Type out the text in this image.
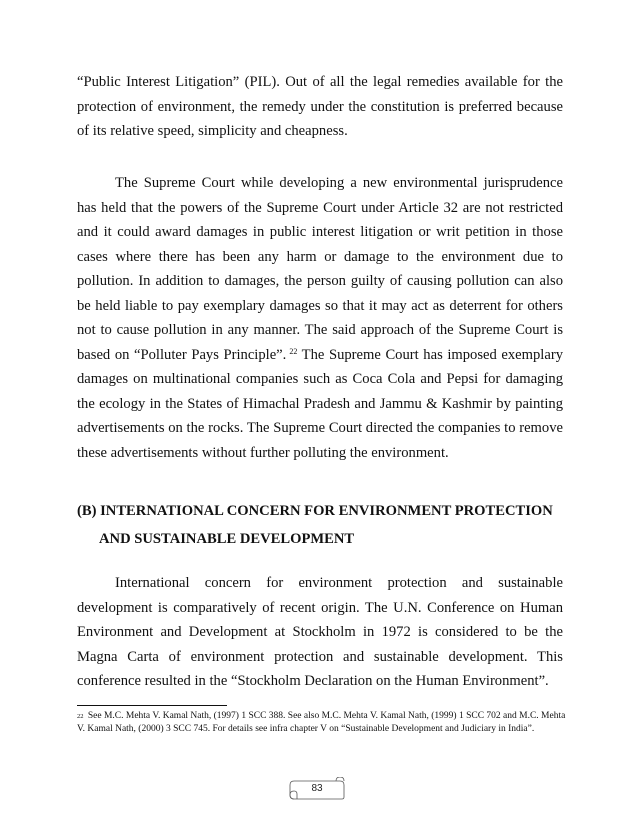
“Public Interest Litigation” (PIL). Out of all the legal remedies available for the protection of environment, the remedy under the constitution is preferred because of its relative speed, simplicity and cheapness.

The Supreme Court while developing a new environmental jurisprudence has held that the powers of the Supreme Court under Article 32 are not restricted and it could award damages in public interest litigation or writ petition in those cases where there has been any harm or damage to the environment due to pollution. In addition to damages, the person guilty of causing pollution can also be held liable to pay exemplary damages so that it may act as deterrent for others not to cause pollution in any manner. The said approach of the Supreme Court is based on “Polluter Pays Principle”. $^{22}$ The Supreme Court has imposed exemplary damages on multinational companies such as Coca Cola and Pepsi for damaging the ecology in the States of Himachal Pradesh and Jammu & Kashmir by painting advertisements on the rocks. The Supreme Court directed the companies to remove these advertisements without further polluting the environment.

(B) INTERNATIONAL CONCERN FOR ENVIRONMENT PROTECTION
AND SUSTAINABLE DEVELOPMENT

International concern for environment protection and sustainable development is comparatively of recent origin. The U.N. Conference on Human Environment and Development at Stockholm in 1972 is considered to be the Magna Carta of environment protection and sustainable development. This conference resulted in the “Stockholm Declaration on the Human Environment”.

$^{22}$ See M.C. Mehta V. Kamal Nath, (1997) 1 SCC 388. See also M.C. Mehta V. Kamal Nath, (1999) 1 SCC 702 and M.C. Mehta V. Kamal Nath, (2000) 3 SCC 745. For details see infra chapter V on “Sustainable Development and Judiciary in India”.
83
